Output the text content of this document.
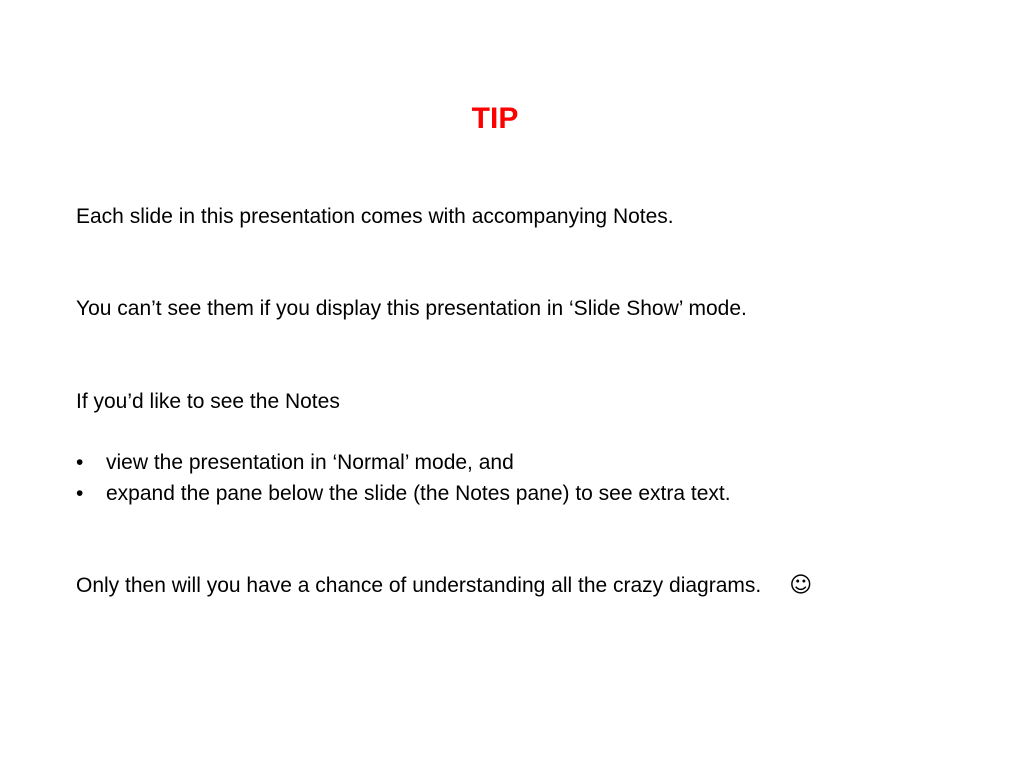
TIP
Each slide in this presentation comes with accompanying Notes.
You can’t see them if you display this presentation in ‘Slide Show’ mode.
If you’d like to see the Notes
• view the presentation in ‘Normal’ mode, and
• expand the pane below the slide (the Notes pane) to see extra text.
Only then will you have a chance of understanding all the crazy diagrams. ☺
